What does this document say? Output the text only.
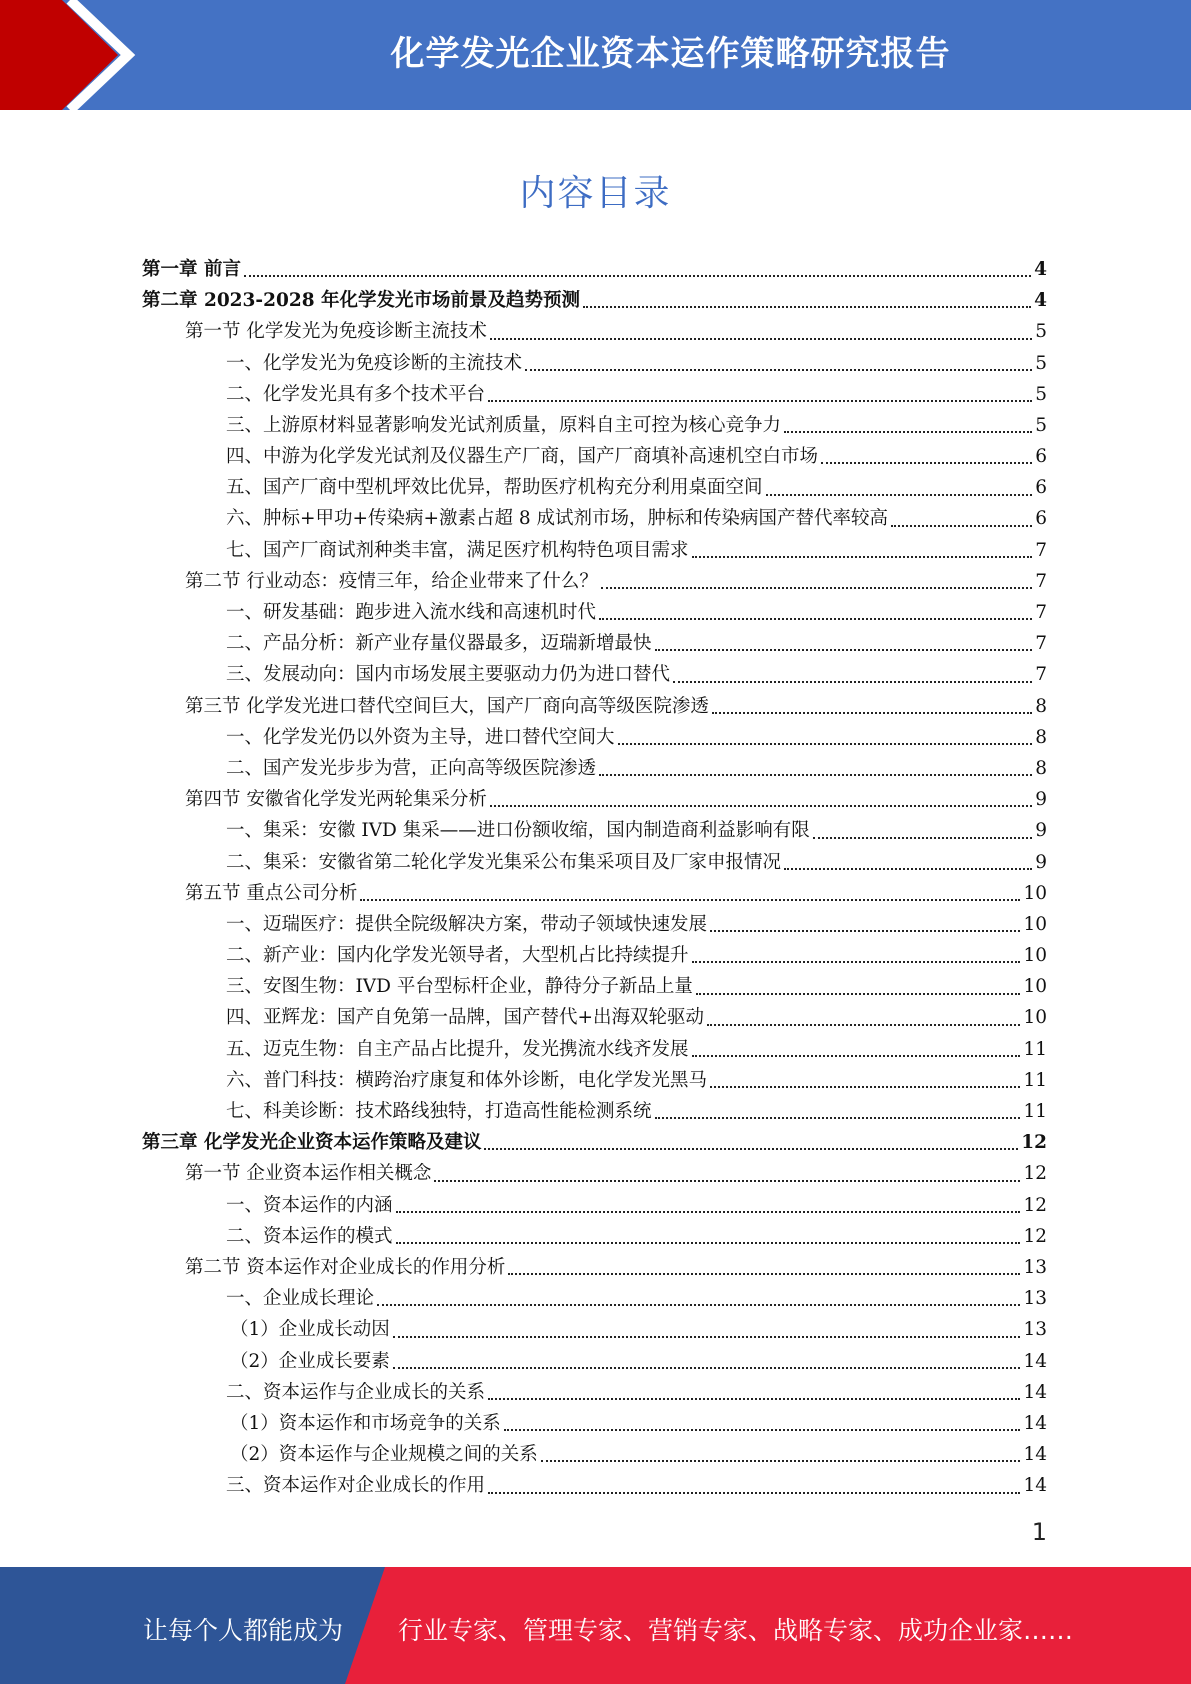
化学发光企业资本运作策略研究报告
内容目录
第一章 前言	4
第二章 2023-2028 年化学发光市场前景及趋势预测	4
第一节 化学发光为免疫诊断主流技术	5
一、化学发光为免疫诊断的主流技术	5
二、化学发光具有多个技术平台	5
三、上游原材料显著影响发光试剂质量，原料自主可控为核心竞争力	5
四、中游为化学发光试剂及仪器生产厂商，国产厂商填补高速机空白市场	6
五、国产厂商中型机坪效比优异，帮助医疗机构充分利用桌面空间	6
六、肿标+甲功+传染病+激素占超 8 成试剂市场，肿标和传染病国产替代率较高	6
七、国产厂商试剂种类丰富，满足医疗机构特色项目需求	7
第二节 行业动态：疫情三年，给企业带来了什么？	7
一、研发基础：跑步进入流水线和高速机时代	7
二、产品分析：新产业存量仪器最多，迈瑞新增最快	7
三、发展动向：国内市场发展主要驱动力仍为进口替代	7
第三节 化学发光进口替代空间巨大，国产厂商向高等级医院渗透	8
一、化学发光仍以外资为主导，进口替代空间大	8
二、国产发光步步为营，正向高等级医院渗透	8
第四节 安徽省化学发光两轮集采分析	9
一、集采：安徽 IVD 集采——进口份额收缩，国内制造商利益影响有限	9
二、集采：安徽省第二轮化学发光集采公布集采项目及厂家申报情况	9
第五节 重点公司分析	10
一、迈瑞医疗：提供全院级解决方案，带动子领域快速发展	10
二、新产业：国内化学发光领导者，大型机占比持续提升	10
三、安图生物：IVD 平台型标杆企业，静待分子新品上量	10
四、亚辉龙：国产自免第一品牌，国产替代+出海双轮驱动	10
五、迈克生物：自主产品占比提升，发光携流水线齐发展	11
六、普门科技：横跨治疗康复和体外诊断，电化学发光黑马	11
七、科美诊断：技术路线独特，打造高性能检测系统	11
第三章 化学发光企业资本运作策略及建议	12
第一节 企业资本运作相关概念	12
一、资本运作的内涵	12
二、资本运作的模式	12
第二节 资本运作对企业成长的作用分析	13
一、企业成长理论	13
（1）企业成长动因	13
（2）企业成长要素	14
二、资本运作与企业成长的关系	14
（1）资本运作和市场竞争的关系	14
（2）资本运作与企业规模之间的关系	14
三、资本运作对企业成长的作用	14
1
让每个人都能成为 行业专家、管理专家、营销专家、战略专家、成功企业家……
